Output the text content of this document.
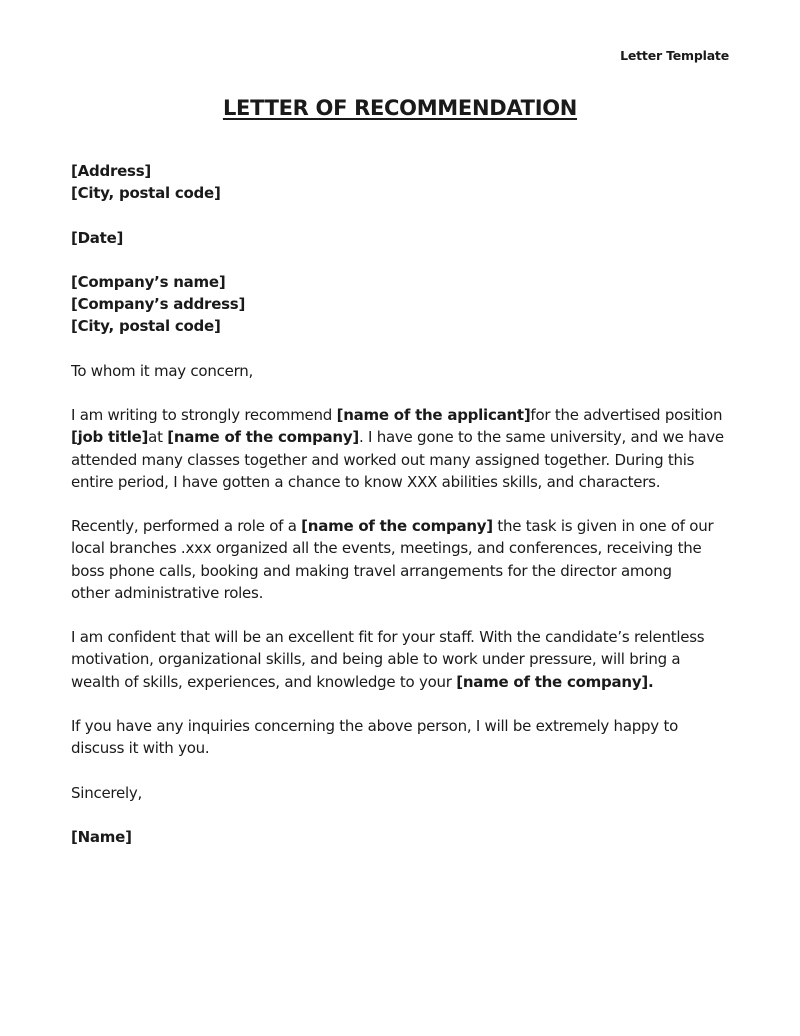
Letter Template
LETTER OF RECOMMENDATION

[Address]
[City, postal code]

[Date]

[Company’s name]
[Company’s address]
[City, postal code]

To whom it may concern,

I am writing to strongly recommend [name of the applicant]for the advertised position
[job title]at [name of the company]. I have gone to the same university, and we have
attended many classes together and worked out many assigned together. During this
entire period, I have gotten a chance to know XXX abilities skills, and characters.

Recently, performed a role of a [name of the company] the task is given in one of our
local branches .xxx organized all the events, meetings, and conferences, receiving the
boss phone calls, booking and making travel arrangements for the director among
other administrative roles.

I am confident that will be an excellent fit for your staff. With the candidate’s relentless
motivation, organizational skills, and being able to work under pressure, will bring a
wealth of skills, experiences, and knowledge to your [name of the company].

If you have any inquiries concerning the above person, I will be extremely happy to
discuss it with you.

Sincerely,

[Name]
